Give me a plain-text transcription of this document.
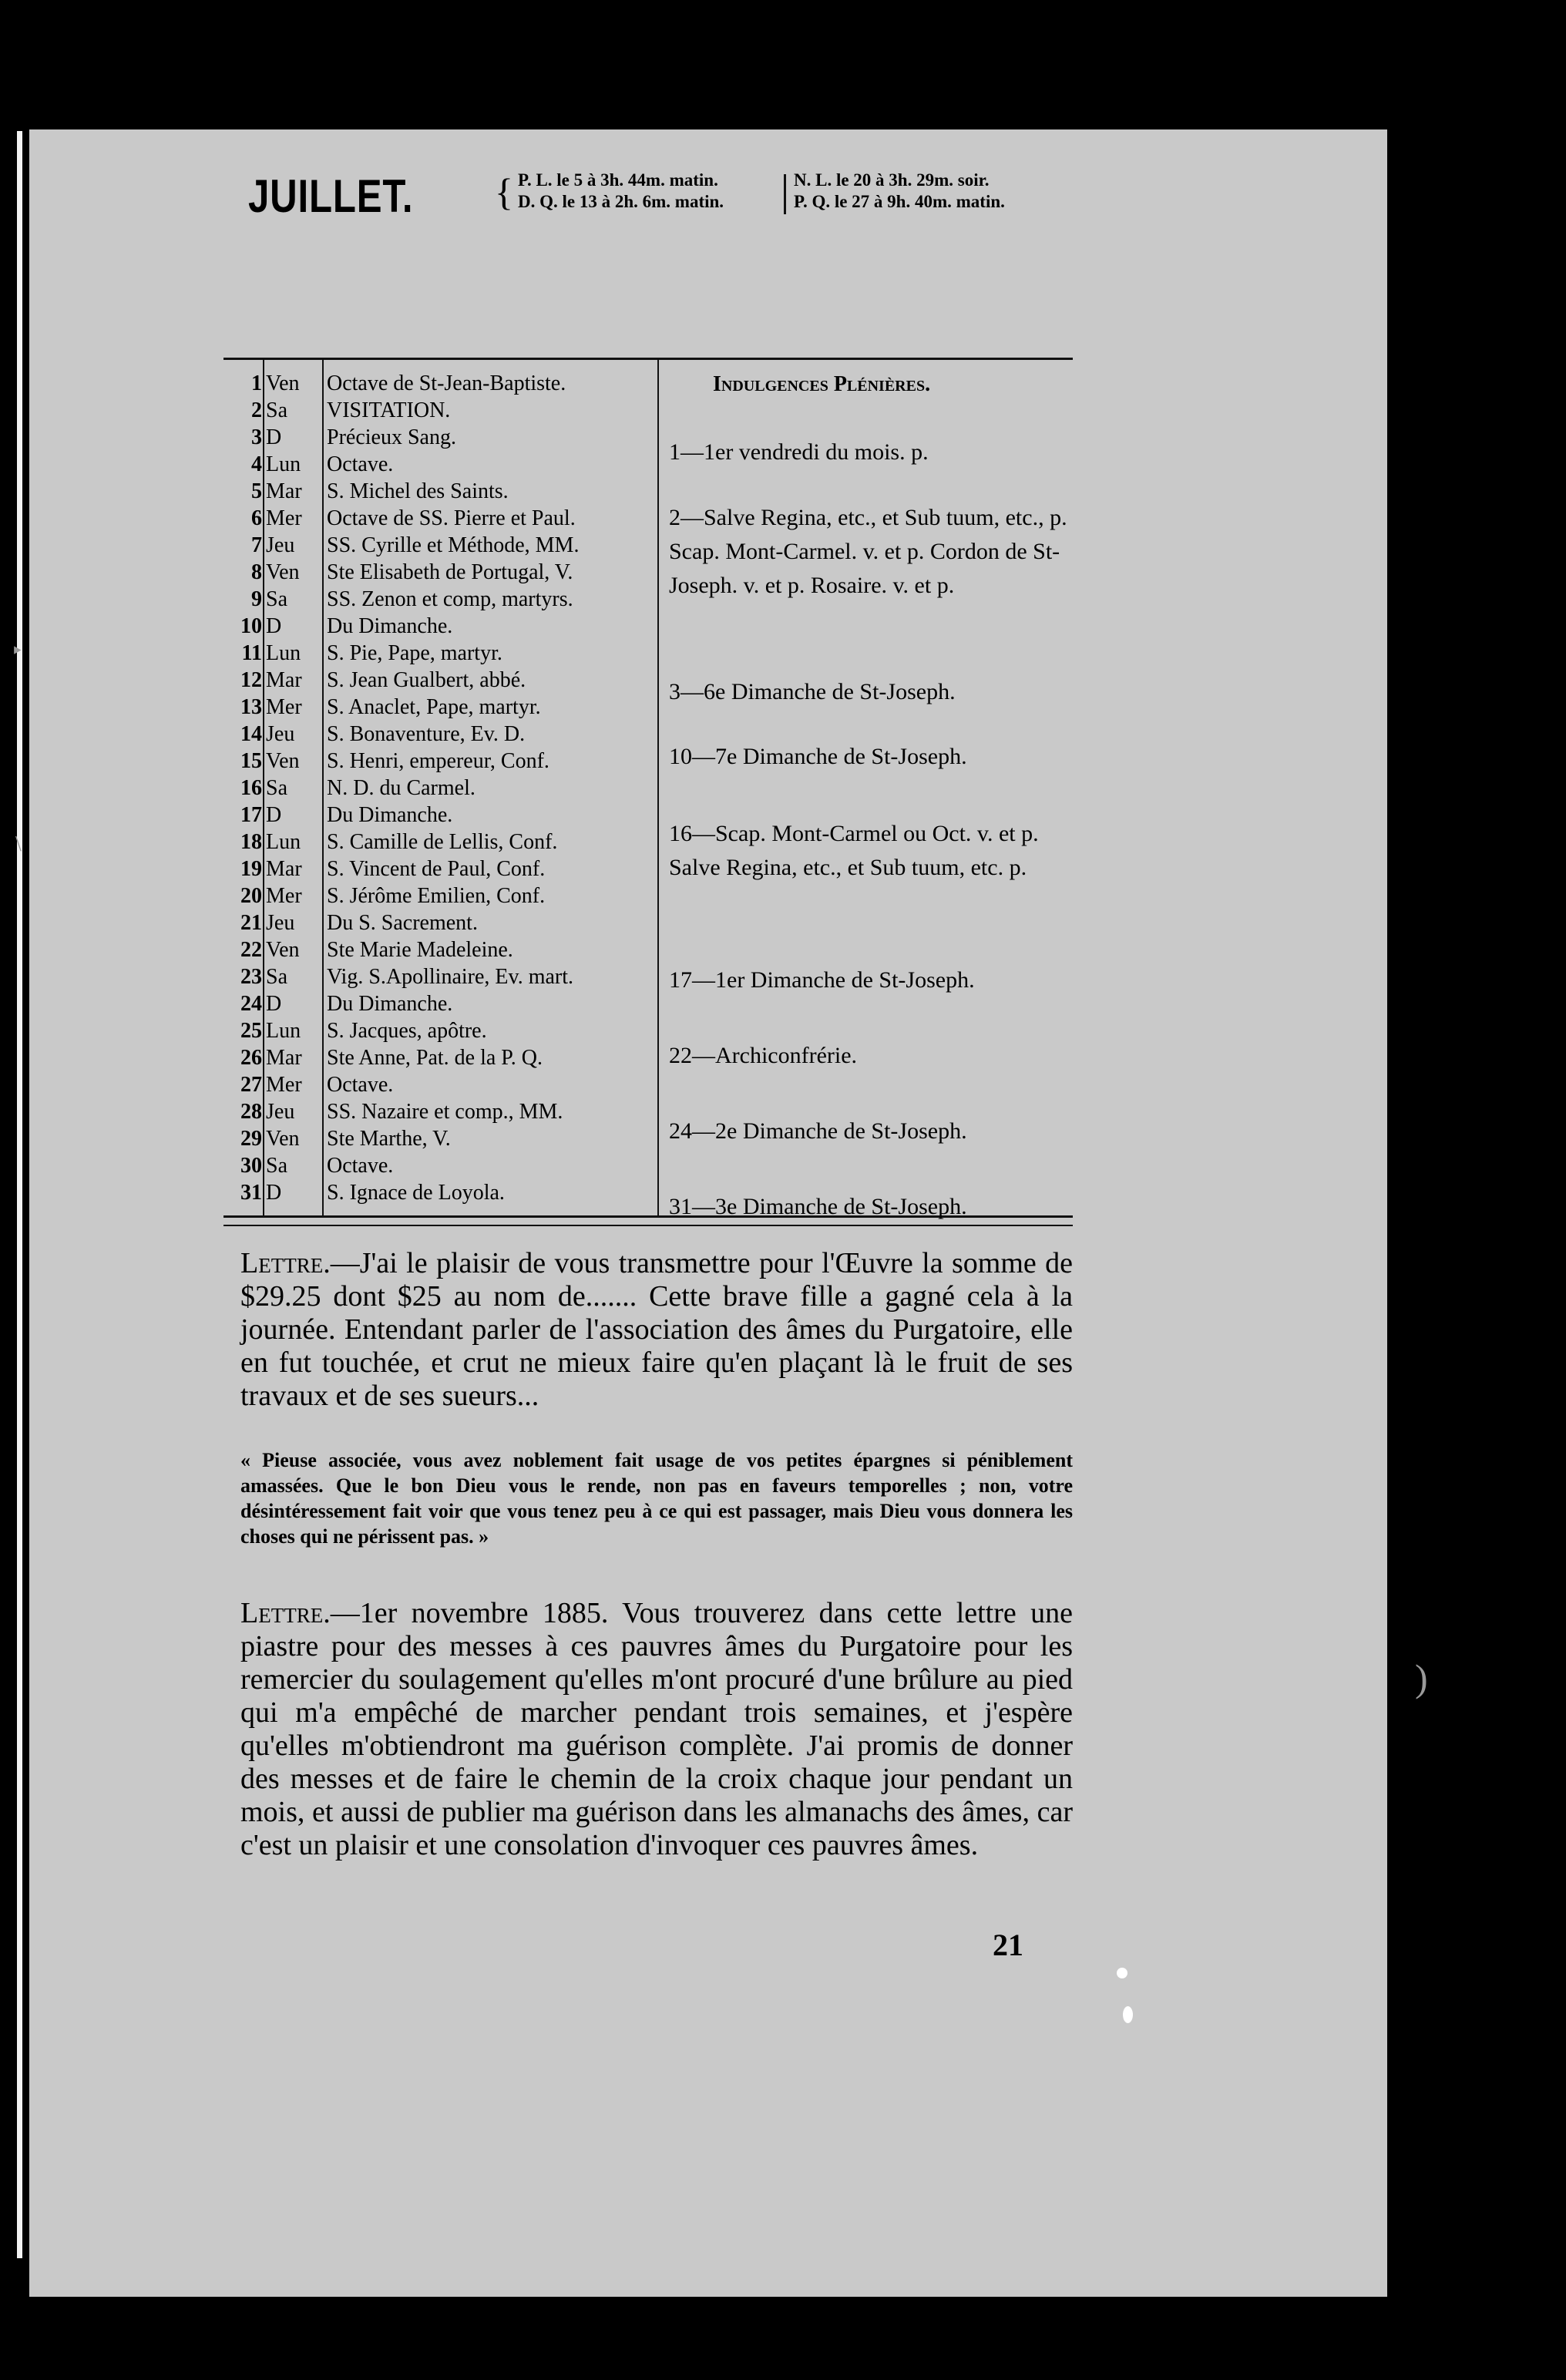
‣
\
)
JUILLET. { P. L. le 5 à 3h. 44m. matin.
D. Q. le 13 à 2h. 6m. matin.
N. L. le 20 à 3h. 29m. soir.
P. Q. le 27 à 9h. 40m. matin.
1 Ven Octave de St-Jean-Baptiste.
2 Sa VISITATION.
3 D Précieux Sang.
4 Lun Octave.
5 Mar S. Michel des Saints.
6 Mer Octave de SS. Pierre et Paul.
7 Jeu SS. Cyrille et Méthode, MM.
8 Ven Ste Elisabeth de Portugal, V.
9 Sa SS. Zenon et comp, martyrs.
10 D Du Dimanche.
11 Lun S. Pie, Pape, martyr.
12 Mar S. Jean Gualbert, abbé.
13 Mer S. Anaclet, Pape, martyr.
14 Jeu S. Bonaventure, Ev. D.
15 Ven S. Henri, empereur, Conf.
16 Sa N. D. du Carmel.
17 D Du Dimanche.
18 Lun S. Camille de Lellis, Conf.
19 Mar S. Vincent de Paul, Conf.
20 Mer S. Jérôme Emilien, Conf.
21 Jeu Du S. Sacrement.
22 Ven Ste Marie Madeleine.
23 Sa Vig. S.Apollinaire, Ev. mart.
24 D Du Dimanche.
25 Lun S. Jacques, apôtre.
26 Mar Ste Anne, Pat. de la P. Q.
27 Mer Octave.
28 Jeu SS. Nazaire et comp., MM.
29 Ven Ste Marthe, V.
30 Sa Octave.
31 D S. Ignace de Loyola.
Indulgences Plénières.
1—1er vendredi du mois. p.
2—Salve Regina, etc., et Sub tuum, etc., p. Scap. Mont-Carmel. v. et p. Cordon de St-Joseph. v. et p. Rosaire. v. et p.
3—6e Dimanche de St-Joseph.
10—7e Dimanche de St-Joseph.
16—Scap. Mont-Carmel ou Oct. v. et p. Salve Regina, etc., et Sub tuum, etc. p.
17—1er Dimanche de St-Joseph.
22—Archiconfrérie.
24—2e Dimanche de St-Joseph.
31—3e Dimanche de St-Joseph.
Lettre.—J'ai le plaisir de vous transmettre pour l'Œuvre la somme de $29.25 dont $25 au nom de....... Cette brave fille a gagné cela à la journée. Entendant parler de l'association des âmes du Purgatoire, elle en fut touchée, et crut ne mieux faire qu'en plaçant là le fruit de ses travaux et de ses sueurs...
« Pieuse associée, vous avez noblement fait usage de vos petites épargnes si péniblement amassées. Que le bon Dieu vous le rende, non pas en faveurs temporelles ; non, votre désintéressement fait voir que vous tenez peu à ce qui est passager, mais Dieu vous donnera les choses qui ne périssent pas. »
Lettre.—1er novembre 1885. Vous trouverez dans cette lettre une piastre pour des messes à ces pauvres âmes du Purgatoire pour les remercier du soulagement qu'elles m'ont procuré d'une brûlure au pied qui m'a empêché de marcher pendant trois semaines, et j'espère qu'elles m'obtiendront ma guérison complète. J'ai promis de donner des messes et de faire le chemin de la croix chaque jour pendant un mois, et aussi de publier ma guérison dans les almanachs des âmes, car c'est un plaisir et une consolation d'invoquer ces pauvres âmes.
21
